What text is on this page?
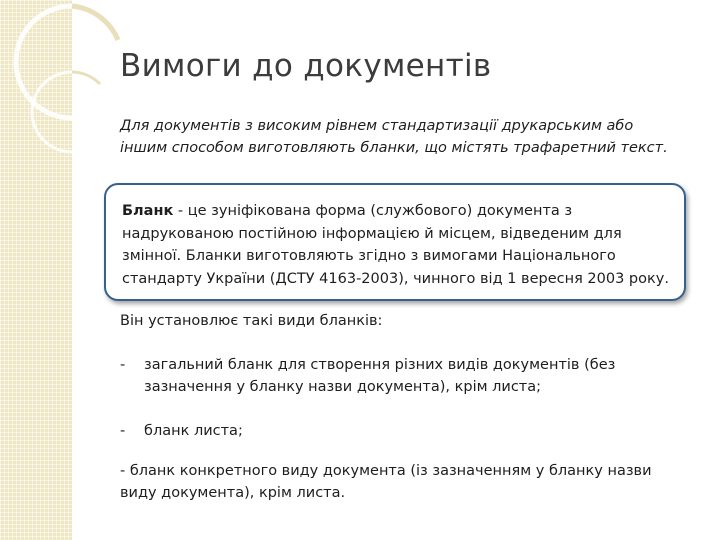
Вимоги до документів
Для документів з високим рівнем стандартизації друкарським або іншим способом виготовляють бланки, що містять трафаретний текст.
Бланк - це зуніфікована форма (службового) документа з надрукованою постійною інформацією й місцем, відведеним для змінної. Бланки виготовляють згідно з вимогами Національного стандарту України (ДСТУ 4163-2003), чинного від 1 вересня 2003 року.
Він установлює такі види бланків:
- загальний бланк для створення різних видів документів (без зазначення у бланку назви документа), крім листа;
- бланк листа;
- бланк конкретного виду документа (із зазначенням у бланку назви виду документа), крім листа.
